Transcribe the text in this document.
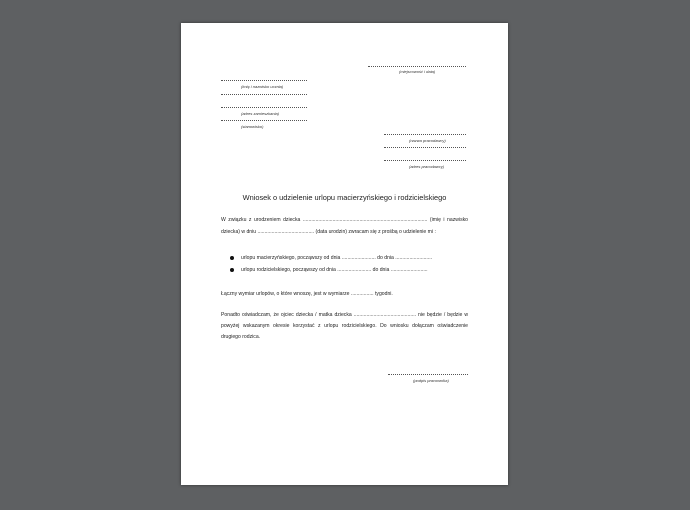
(miejscowość i data)
(imię i nazwisko ucznia)
(adres zamieszkania)
(stanowisko)
(nazwa pracodawcy)
(adres pracodawcy)
Wniosek o udzielenie urlopu macierzyńskiego i rodzicielskiego
W związku z urodzeniem dziecka ........................................................................................ (imię i nazwisko dziecka) w dniu ........................................ (data urodzin) zwracam się z prośbą o udzielenie mi :
urlopu macierzyńskiego, począwszy od dnia ........................ do dnia ..........................
urlopu rodzicielskiego, począwszy od dnia ........................ do dnia ..........................
Łączny wymiar urlopów, o które wnoszę, jest w wymiarze ................ tygodni.
Ponadto oświadczam, że ojciec dziecka / matka dziecka ............................................ nie będzie / będzie w powyżej wskazanym okresie korzystać z urlopu rodzicielskiego. Do wniosku dołączam oświadczenie drugiego rodzica.
(podpis pracownika)
